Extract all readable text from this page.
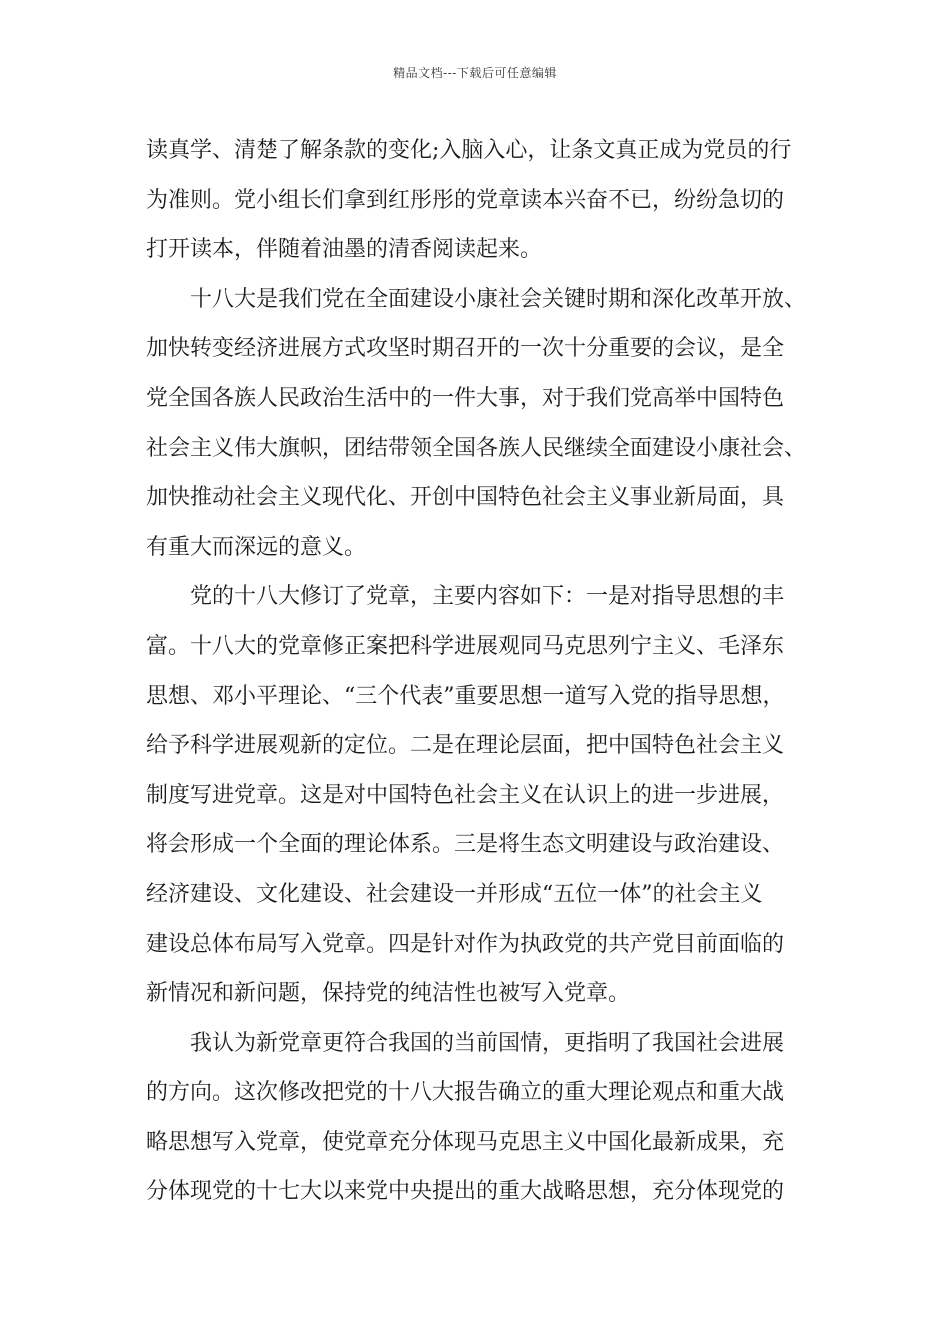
精品文档---下载后可任意编辑

读真学、清楚了解条款的变化;入脑入心，让条文真正成为党员的行
为准则。党小组长们拿到红彤彤的党章读本兴奋不已，纷纷急切的
打开读本，伴随着油墨的清香阅读起来。

十八大是我们党在全面建设小康社会关键时期和深化改革开放、
加快转变经济进展方式攻坚时期召开的一次十分重要的会议，是全
党全国各族人民政治生活中的一件大事，对于我们党高举中国特色
社会主义伟大旗帜，团结带领全国各族人民继续全面建设小康社会、
加快推动社会主义现代化、开创中国特色社会主义事业新局面，具
有重大而深远的意义。

党的十八大修订了党章，主要内容如下：一是对指导思想的丰
富。十八大的党章修正案把科学进展观同马克思列宁主义、毛泽东
思想、邓小平理论、“三个代表”重要思想一道写入党的指导思想，
给予科学进展观新的定位。二是在理论层面，把中国特色社会主义
制度写进党章。这是对中国特色社会主义在认识上的进一步进展，
将会形成一个全面的理论体系。三是将生态文明建设与政治建设、
经济建设、文化建设、社会建设一并形成“五位一体”的社会主义
建设总体布局写入党章。四是针对作为执政党的共产党目前面临的
新情况和新问题，保持党的纯洁性也被写入党章。

我认为新党章更符合我国的当前国情，更指明了我国社会进展
的方向。这次修改把党的十八大报告确立的重大理论观点和重大战
略思想写入党章，使党章充分体现马克思主义中国化最新成果，充
分体现党的十七大以来党中央提出的重大战略思想，充分体现党的
